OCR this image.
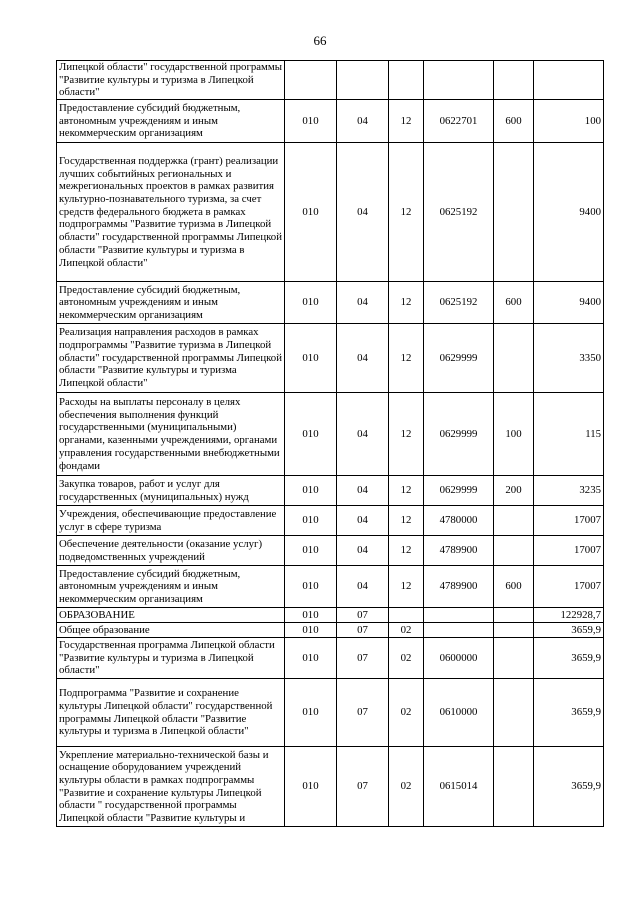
66
Липецкой области" государственной программы "Развитие культуры и туризма в Липецкой области"						
Предоставление субсидий бюджетным, автономным учреждениям и иным некоммерческим организациям	010	04	12	0622701	600	100
Государственная поддержка (грант) реализации лучших событийных региональных и межрегиональных проектов в рамках развития культурно-познавательного туризма, за счет средств федерального бюджета в рамках подпрограммы "Развитие туризма в Липецкой области" государственной программы Липецкой области "Развитие культуры и туризма в Липецкой области"	010	04	12	0625192		9400
Предоставление субсидий бюджетным, автономным учреждениям и иным некоммерческим организациям	010	04	12	0625192	600	9400
Реализация направления расходов в рамках подпрограммы "Развитие туризма в Липецкой области" государственной программы Липецкой области "Развитие культуры и туризма Липецкой области"	010	04	12	0629999		3350
Расходы на выплаты персоналу в целях обеспечения выполнения функций государственными (муниципальными) органами, казенными учреждениями, органами управления государственными внебюджетными фондами	010	04	12	0629999	100	115
Закупка товаров, работ и услуг для государственных (муниципальных) нужд	010	04	12	0629999	200	3235
Учреждения, обеспечивающие предоставление услуг в сфере туризма	010	04	12	4780000		17007
Обеспечение деятельности (оказание услуг) подведомственных учреждений	010	04	12	4789900		17007
Предоставление субсидий бюджетным, автономным учреждениям и иным некоммерческим организациям	010	04	12	4789900	600	17007
ОБРАЗОВАНИЕ	010	07				122928,7
Общее образование	010	07	02			3659,9
Государственная программа Липецкой области "Развитие культуры и туризма в Липецкой области"	010	07	02	0600000		3659,9
Подпрограмма "Развитие и сохранение культуры Липецкой области" государственной программы Липецкой области "Развитие культуры и туризма в Липецкой области"	010	07	02	0610000		3659,9
Укрепление материально-технической базы и оснащение оборудованием учреждений культуры области в рамках подпрограммы "Развитие и сохранение культуры Липецкой области " государственной программы Липецкой области "Развитие культуры и	010	07	02	0615014		3659,9
